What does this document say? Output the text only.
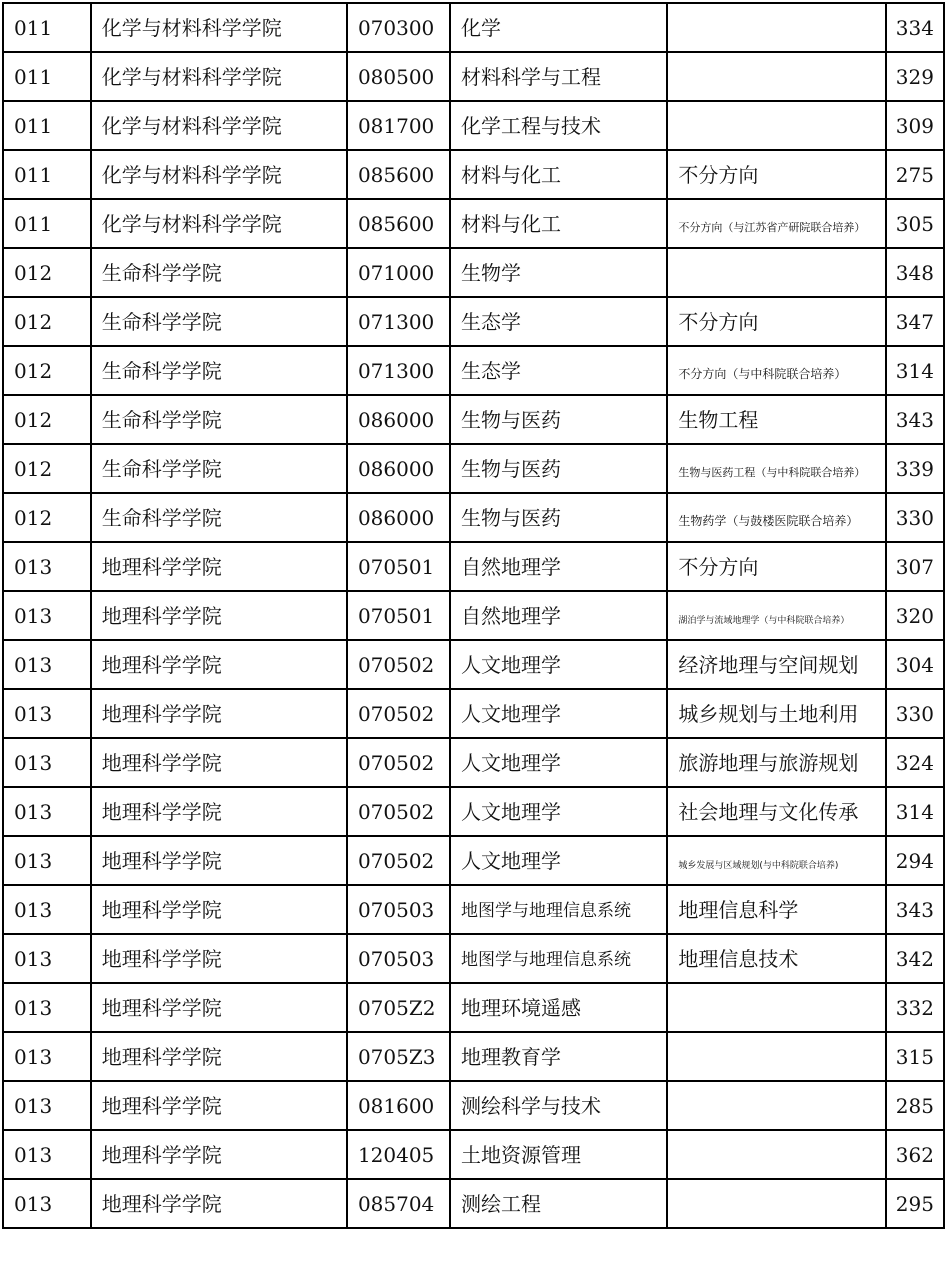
011	化学与材料科学学院	070300	化学		334
011	化学与材料科学学院	080500	材料科学与工程		329
011	化学与材料科学学院	081700	化学工程与技术		309
011	化学与材料科学学院	085600	材料与化工	不分方向	275
011	化学与材料科学学院	085600	材料与化工	不分方向（与江苏省产研院联合培养）	305
012	生命科学学院	071000	生物学		348
012	生命科学学院	071300	生态学	不分方向	347
012	生命科学学院	071300	生态学	不分方向（与中科院联合培养）	314
012	生命科学学院	086000	生物与医药	生物工程	343
012	生命科学学院	086000	生物与医药	生物与医药工程（与中科院联合培养）	339
012	生命科学学院	086000	生物与医药	生物药学（与鼓楼医院联合培养）	330
013	地理科学学院	070501	自然地理学	不分方向	307
013	地理科学学院	070501	自然地理学	湖泊学与流域地理学（与中科院联合培养）	320
013	地理科学学院	070502	人文地理学	经济地理与空间规划	304
013	地理科学学院	070502	人文地理学	城乡规划与土地利用	330
013	地理科学学院	070502	人文地理学	旅游地理与旅游规划	324
013	地理科学学院	070502	人文地理学	社会地理与文化传承	314
013	地理科学学院	070502	人文地理学	城乡发展与区域规划(与中科院联合培养)	294
013	地理科学学院	070503	地图学与地理信息系统	地理信息科学	343
013	地理科学学院	070503	地图学与地理信息系统	地理信息技术	342
013	地理科学学院	0705Z2	地理环境遥感		332
013	地理科学学院	0705Z3	地理教育学		315
013	地理科学学院	081600	测绘科学与技术		285
013	地理科学学院	120405	土地资源管理		362
013	地理科学学院	085704	测绘工程		295
